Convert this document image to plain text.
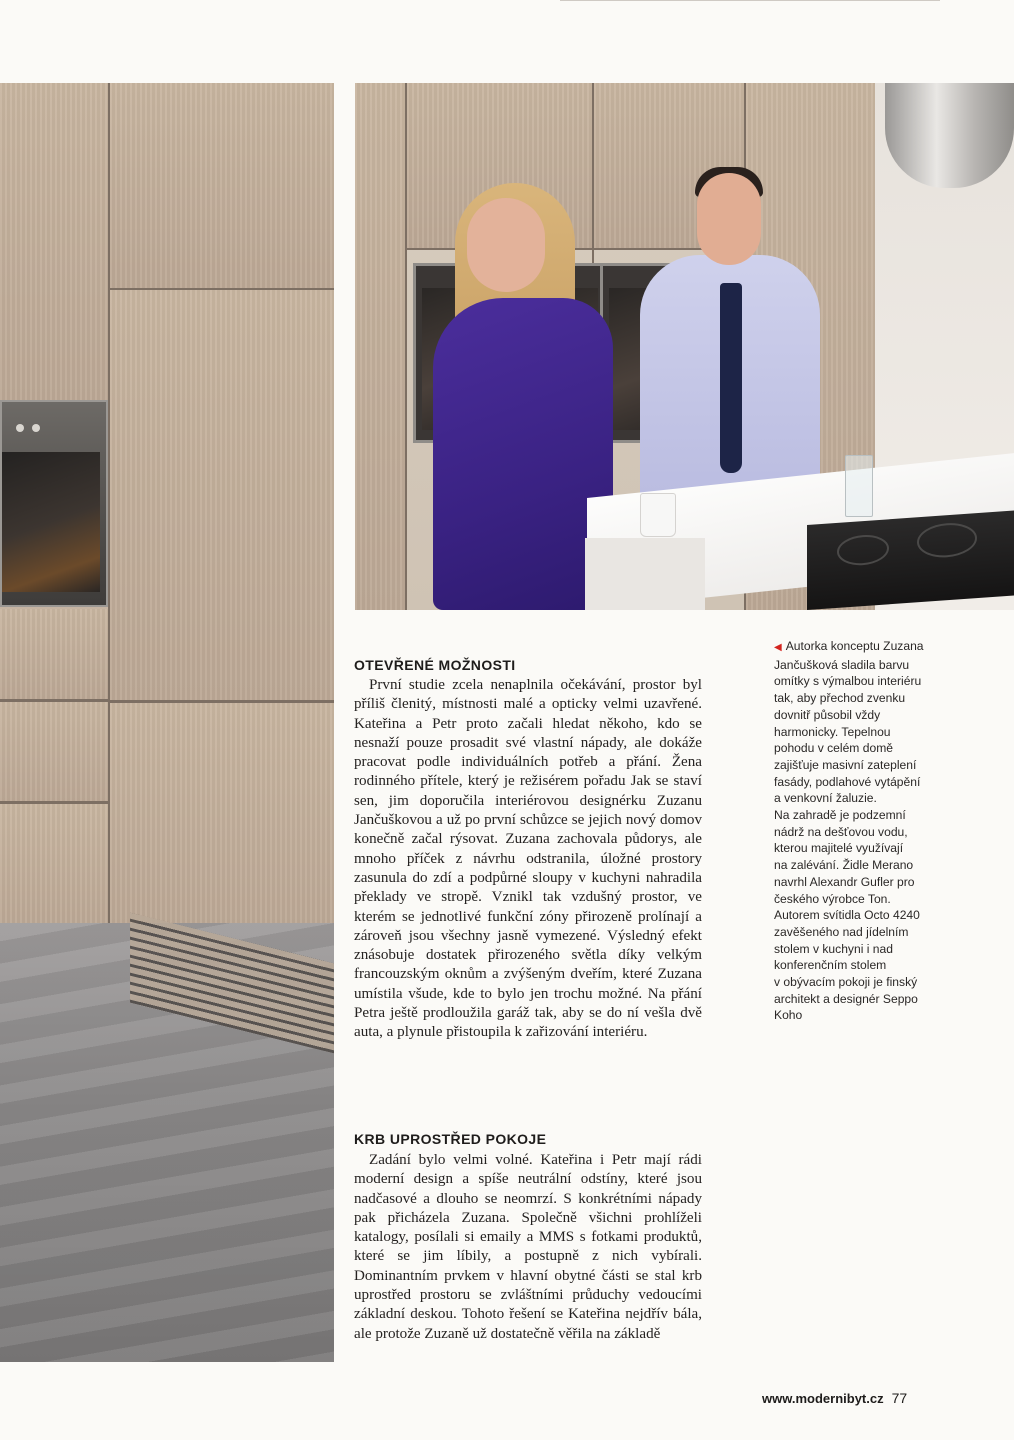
OTEVŘENÉ MOŽNOSTI

První studie zcela nenaplnila očekávání, prostor byl příliš členitý, místnosti malé a opticky velmi uzavřené. Kateřina a Petr proto začali hledat někoho, kdo se nesnaží pouze prosadit své vlastní nápady, ale dokáže pracovat podle individuálních potřeb a přání. Žena rodinného přítele, který je režisérem pořadu Jak se staví sen, jim doporučila interiérovou designérku Zuzanu Jančuškovou a už po první schůzce se jejich nový domov konečně začal rýsovat. Zuzana zachovala půdorys, ale mnoho příček z návrhu odstranila, úložné prostory zasunula do zdí a podpůrné sloupy v kuchyni nahradila překlady ve stropě. Vznikl tak vzdušný prostor, ve kterém se jednotlivé funkční zóny přirozeně prolínají a zároveň jsou všechny jasně vymezené. Výsledný efekt znásobuje dostatek přirozeného světla díky velkým francouzským oknům a zvýšeným dveřím, které Zuzana umístila všude, kde to bylo jen trochu možné. Na přání Petra ještě prodloužila garáž tak, aby se do ní vešla dvě auta, a plynule přistoupila k zařizování interiéru.

KRB UPROSTŘED POKOJE

Zadání bylo velmi volné. Kateřina i Petr mají rádi moderní design a spíše neutrální odstíny, které jsou nadčasové a dlouho se neomrzí. S konkrétními nápady pak přicházela Zuzana. Společně všichni prohlíželi katalogy, posílali si emaily a MMS s fotkami produktů, které se jim líbily, a postupně z nich vybírali. Dominantním prvkem v hlavní obytné části se stal krb uprostřed prostoru se zvláštními průduchy vedoucími základní deskou. Tohoto řešení se Kateřina nejdřív bála, ale protože Zuzaně už dostatečně věřila na základě

◀ Autorka konceptu Zuzana
Jančušková sladila barvu
omítky s výmalbou interiéru
tak, aby přechod zvenku
dovnitř působil vždy
harmonicky. Tepelnou
pohodu v celém domě
zajišťuje masivní zateplení
fasády, podlahové vytápění
a venkovní žaluzie.
Na zahradě je podzemní
nádrž na dešťovou vodu,
kterou majitelé využívají
na zalévání. Židle Merano
navrhl Alexandr Gufler pro
českého výrobce Ton.
Autorem svítidla Octo 4240
zavěšeného nad jídelním
stolem v kuchyni i nad
konferenčním stolem
v obývacím pokoji je finský
architekt a designér Seppo
Koho
www.modernibyt.cz 77
